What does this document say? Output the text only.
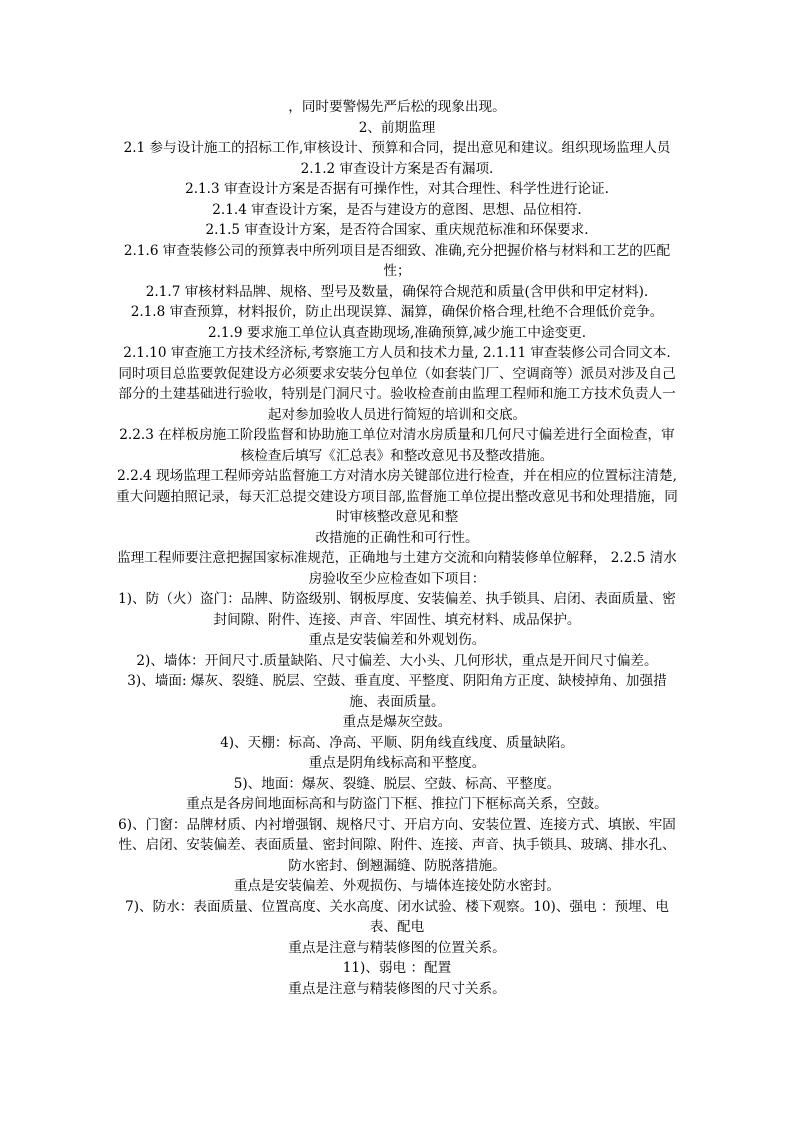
，同时要警惕先严后松的现象出现。
2、前期监理
2.1 参与设计施工的招标工作,审核设计、预算和合同，提出意见和建议。组织现场监理人员
2.1.2 审查设计方案是否有漏项.
2.1.3 审查设计方案是否据有可操作性，对其合理性、科学性进行论证.
2.1.4 审查设计方案，是否与建设方的意图、思想、品位相符.
2.1.5 审查设计方案，是否符合国家、重庆规范标准和环保要求.
2.1.6 审查装修公司的预算表中所列项目是否细致、准确,充分把握价格与材料和工艺的匹配性；
2.1.7 审核材料品牌、规格、型号及数量，确保符合规范和质量(含甲供和甲定材料).
2.1.8 审查预算，材料报价，防止出现误算、漏算，确保价格合理,杜绝不合理低价竞争。
2.1.9 要求施工单位认真查勘现场,准确预算,减少施工中途变更.
2.1.10 审查施工方技术经济标,考察施工方人员和技术力量, 2.1.11 审查装修公司合同文本.
同时项目总监要敦促建设方必须要求安装分包单位（如套装门厂、空调商等）派员对涉及自己部分的土建基础进行验收，特别是门洞尺寸。验收检查前由监理工程师和施工方技术负责人一起对参加验收人员进行简短的培训和交底。
2.2.3 在样板房施工阶段监督和协助施工单位对清水房质量和几何尺寸偏差进行全面检查，审核检查后填写《汇总表》和整改意见书及整改措施。
2.2.4 现场监理工程师旁站监督施工方对清水房关键部位进行检查，并在相应的位置标注清楚,重大问题拍照记录，每天汇总提交建设方项目部,监督施工单位提出整改意见书和处理措施，同时审核整改意见和整
改措施的正确性和可行性。
监理工程师要注意把握国家标准规范，正确地与土建方交流和向精装修单位解释， 2.2.5 清水房验收至少应检查如下项目：
1)、防（火）盗门：品牌、防盗级别、钢板厚度、安装偏差、执手锁具、启闭、表面质量、密封间隙、附件、连接、声音、牢固性、填充材料、成品保护。
重点是安装偏差和外观划伤。
2)、墙体：开间尺寸.质量缺陷、尺寸偏差、大小头、几何形状，重点是开间尺寸偏差。
3)、墙面: 爆灰、裂缝、脱层、空鼓、垂直度、平整度、阴阳角方正度、缺棱掉角、加强措施、表面质量。
重点是爆灰空鼓。
4)、天棚：标高、净高、平顺、阴角线直线度、质量缺陷。
重点是阴角线标高和平整度。
5)、地面：爆灰、裂缝、脱层、空鼓、标高、平整度。
重点是各房间地面标高和与防盗门下框、推拉门下框标高关系，空鼓。
6)、门窗：品牌材质、内衬增强钢、规格尺寸、开启方向、安装位置、连接方式、填嵌、牢固性、启闭、安装偏差、表面质量、密封间隙、附件、连接、声音、执手锁具、玻璃、排水孔、防水密封、倒翘漏缝、防脱落措施。
重点是安装偏差、外观损伤、与墙体连接处防水密封。
7)、防水：表面质量、位置高度、关水高度、闭水试验、楼下观察。10)、强电 ：预埋、电表、配电
重点是注意与精装修图的位置关系。
11)、弱电 ：配置
重点是注意与精装修图的尺寸关系。
